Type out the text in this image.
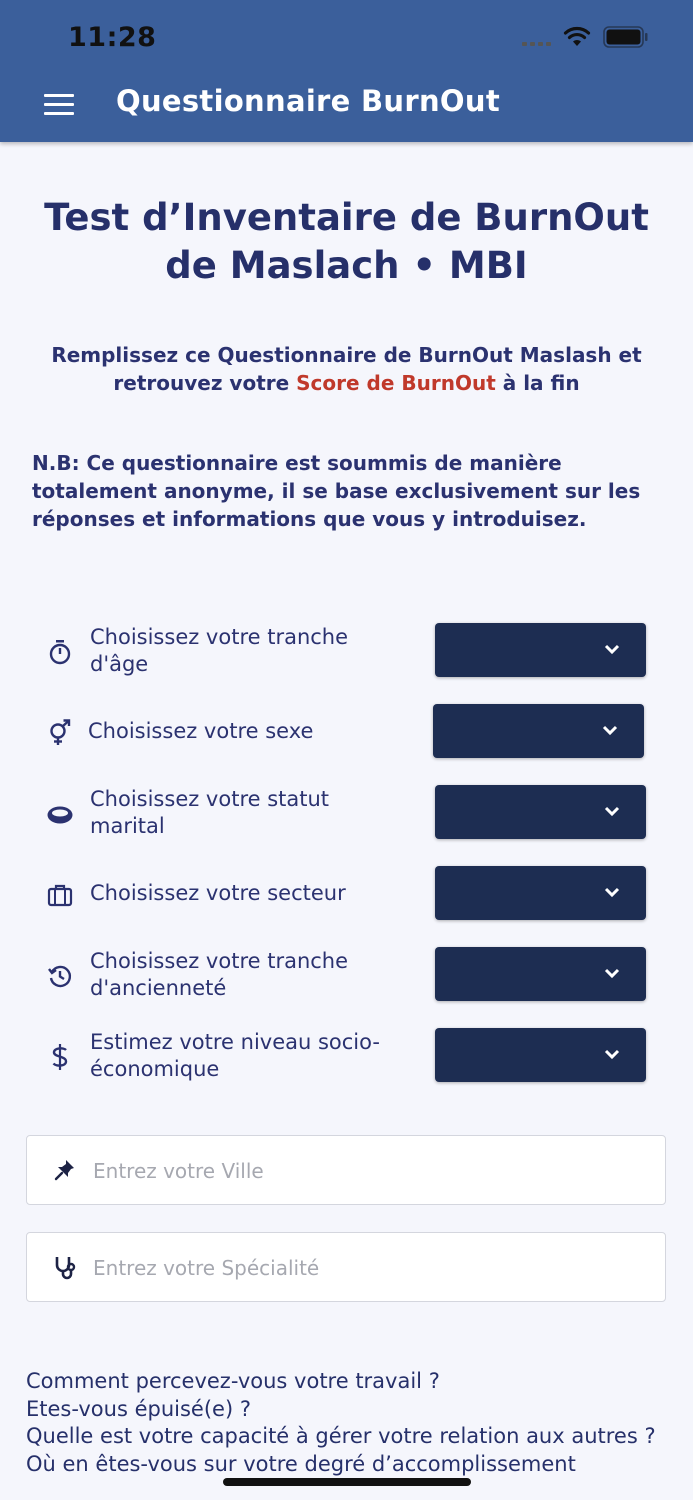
11:28
Questionnaire BurnOut
Test d’Inventaire de BurnOut
de Maslach • MBI
Remplissez ce Questionnaire de BurnOut Maslash et
retrouvez votre Score de BurnOut à la fin
N.B: Ce questionnaire est soummis de manière totalement anonyme, il se base exclusivement sur les réponses et informations que vous y introduisez.
Choisissez votre tranche d'âge
Choisissez votre sexe
Choisissez votre statut marital
Choisissez votre secteur
Choisissez votre tranche d'ancienneté
Estimez votre niveau socio-économique
Entrez votre Ville
Entrez votre Spécialité
Comment percevez-vous votre travail ?
Etes-vous épuisé(e) ?
Quelle est votre capacité à gérer votre relation aux autres ?
Où en êtes-vous sur votre degré d’accomplissement
